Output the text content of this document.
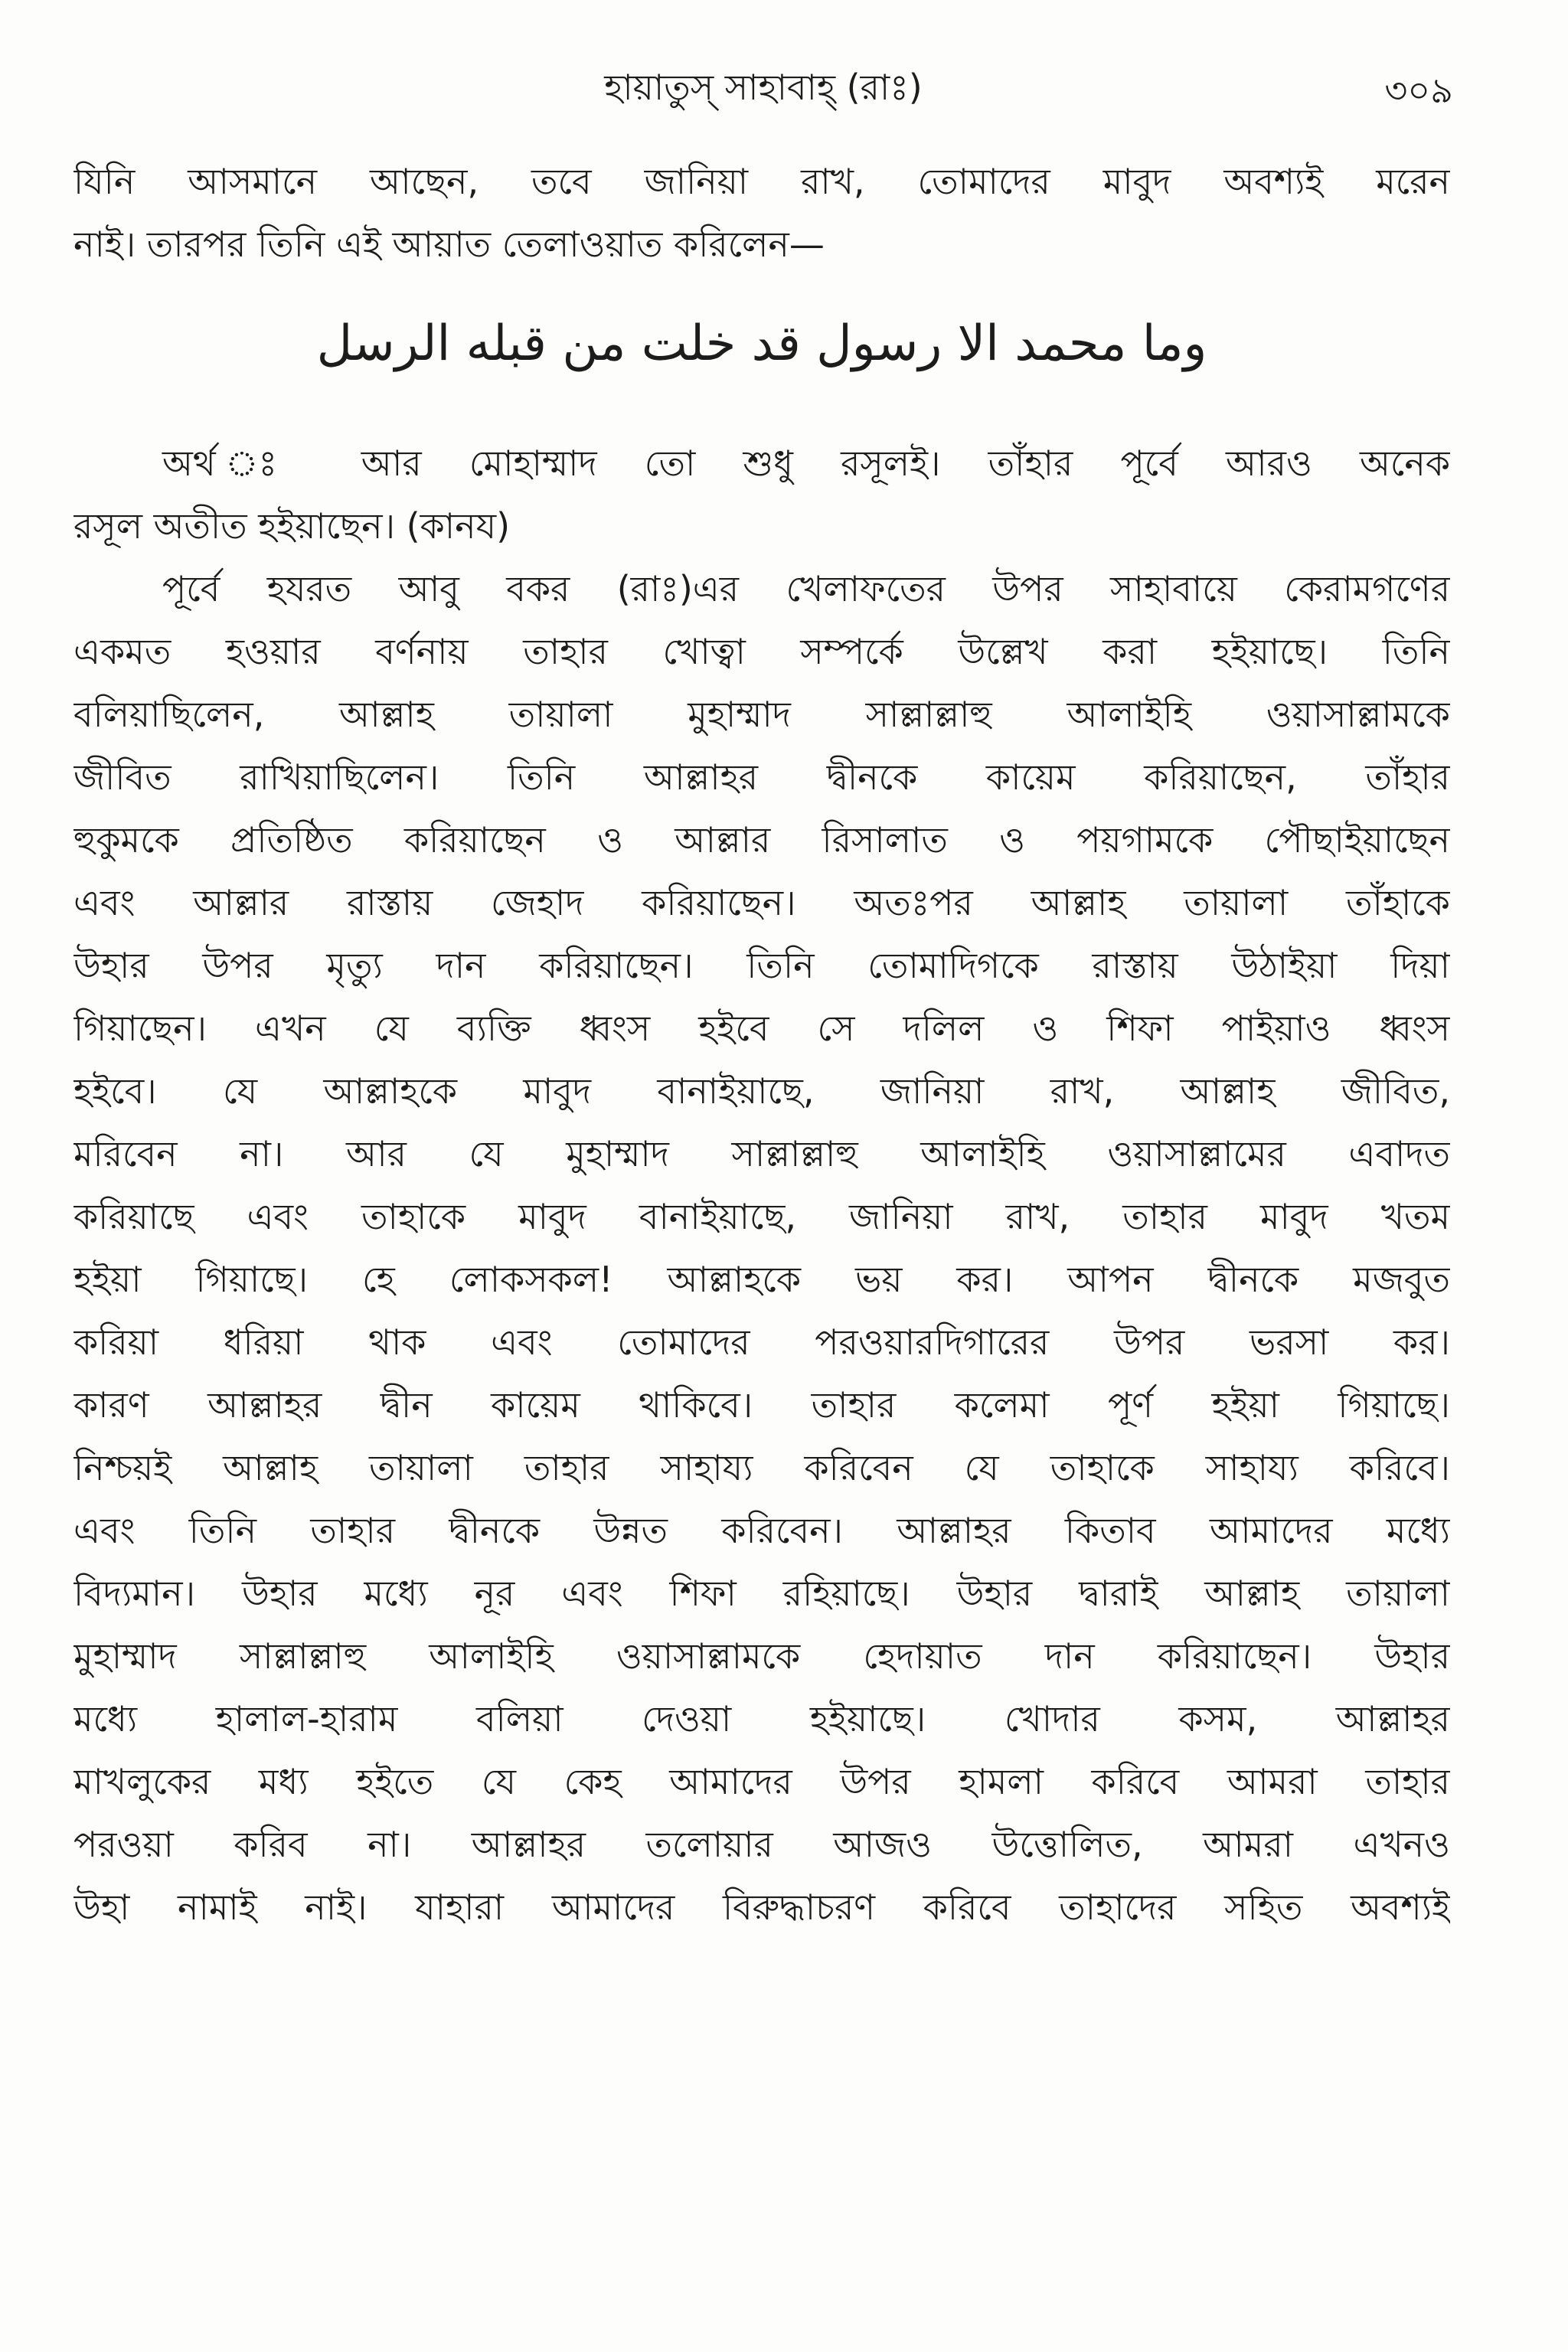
হায়াতুস্ সাহাবাহ্ (রাঃ)	৩০৯
যিনি আসমানে আছেন, তবে জানিয়া রাখ, তোমাদের মাবুদ অবশ্যই মরেন
নাই। তারপর তিনি এই আয়াত তেলাওয়াত করিলেন—
وما محمد الا رسول قد خلت من قبله الرسل
অর্থ ঃ আর মোহাম্মাদ তো শুধু রসূলই। তাঁহার পূর্বে আরও অনেক
রসূল অতীত হইয়াছেন। (কানয)
পূর্বে হযরত আবু বকর (রাঃ)এর খেলাফতের উপর সাহাবায়ে কেরামগণের
একমত হওয়ার বর্ণনায় তাহার খোত্বা সম্পর্কে উল্লেখ করা হইয়াছে। তিনি
বলিয়াছিলেন, আল্লাহ তায়ালা মুহাম্মাদ সাল্লাল্লাহু আলাইহি ওয়াসাল্লামকে
জীবিত রাখিয়াছিলেন। তিনি আল্লাহর দ্বীনকে কায়েম করিয়াছেন, তাঁহার
হুকুমকে প্রতিষ্ঠিত করিয়াছেন ও আল্লার রিসালাত ও পয়গামকে পৌছাইয়াছেন
এবং আল্লার রাস্তায় জেহাদ করিয়াছেন। অতঃপর আল্লাহ তায়ালা তাঁহাকে
উহার উপর মৃত্যু দান করিয়াছেন। তিনি তোমাদিগকে রাস্তায় উঠাইয়া দিয়া
গিয়াছেন। এখন যে ব্যক্তি ধ্বংস হইবে সে দলিল ও শিফা পাইয়াও ধ্বংস
হইবে। যে আল্লাহকে মাবুদ বানাইয়াছে, জানিয়া রাখ, আল্লাহ জীবিত,
মরিবেন না। আর যে মুহাম্মাদ সাল্লাল্লাহু আলাইহি ওয়াসাল্লামের এবাদত
করিয়াছে এবং তাহাকে মাবুদ বানাইয়াছে, জানিয়া রাখ, তাহার মাবুদ খতম
হইয়া গিয়াছে। হে লোকসকল! আল্লাহকে ভয় কর। আপন দ্বীনকে মজবুত
করিয়া ধরিয়া থাক এবং তোমাদের পরওয়ারদিগারের উপর ভরসা কর।
কারণ আল্লাহর দ্বীন কায়েম থাকিবে। তাহার কলেমা পূর্ণ হইয়া গিয়াছে।
নিশ্চয়ই আল্লাহ তায়ালা তাহার সাহায্য করিবেন যে তাহাকে সাহায্য করিবে।
এবং তিনি তাহার দ্বীনকে উন্নত করিবেন। আল্লাহর কিতাব আমাদের মধ্যে
বিদ্যমান। উহার মধ্যে নূর এবং শিফা রহিয়াছে। উহার দ্বারাই আল্লাহ তায়ালা
মুহাম্মাদ সাল্লাল্লাহু আলাইহি ওয়াসাল্লামকে হেদায়াত দান করিয়াছেন। উহার
মধ্যে হালাল-হারাম বলিয়া দেওয়া হইয়াছে। খোদার কসম, আল্লাহর
মাখলুকের মধ্য হইতে যে কেহ আমাদের উপর হামলা করিবে আমরা তাহার
পরওয়া করিব না। আল্লাহর তলোয়ার আজও উত্তোলিত, আমরা এখনও
উহা নামাই নাই। যাহারা আমাদের বিরুদ্ধাচরণ করিবে তাহাদের সহিত অবশ্যই
